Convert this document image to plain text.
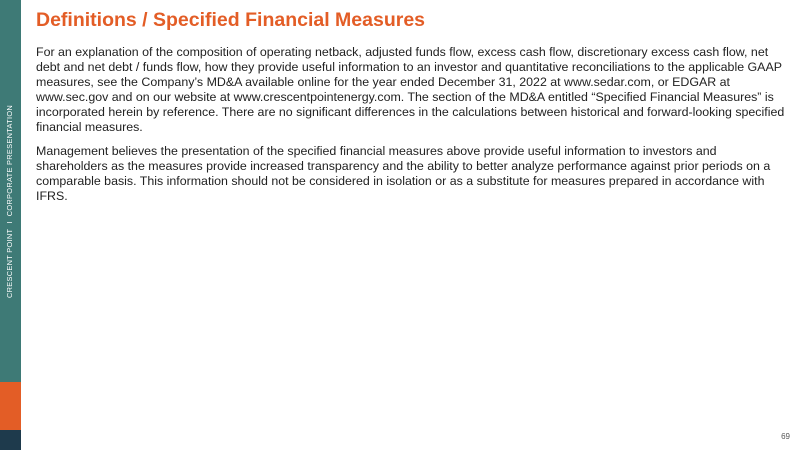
CRESCENT POINTICORPORATE PRESENTATION
Definitions / Specified Financial Measures

For an explanation of the composition of operating netback, adjusted funds flow, excess cash flow, discretionary excess cash flow, net debt and net debt / funds flow, how they provide useful information to an investor and quantitative reconciliations to the applicable GAAP measures, see the Company’s MD&A available online for the year ended December 31, 2022 at www.sedar.com, or EDGAR at www.sec.gov and on our website at www.crescentpointenergy.com. The section of the MD&A entitled “Specified Financial Measures” is incorporated herein by reference. There are no significant differences in the calculations between historical and forward-looking specified financial measures.

Management believes the presentation of the specified financial measures above provide useful information to investors and shareholders as the measures provide increased transparency and the ability to better analyze performance against prior periods on a comparable basis. This information should not be considered in isolation or as a substitute for measures prepared in accordance with IFRS.

69
